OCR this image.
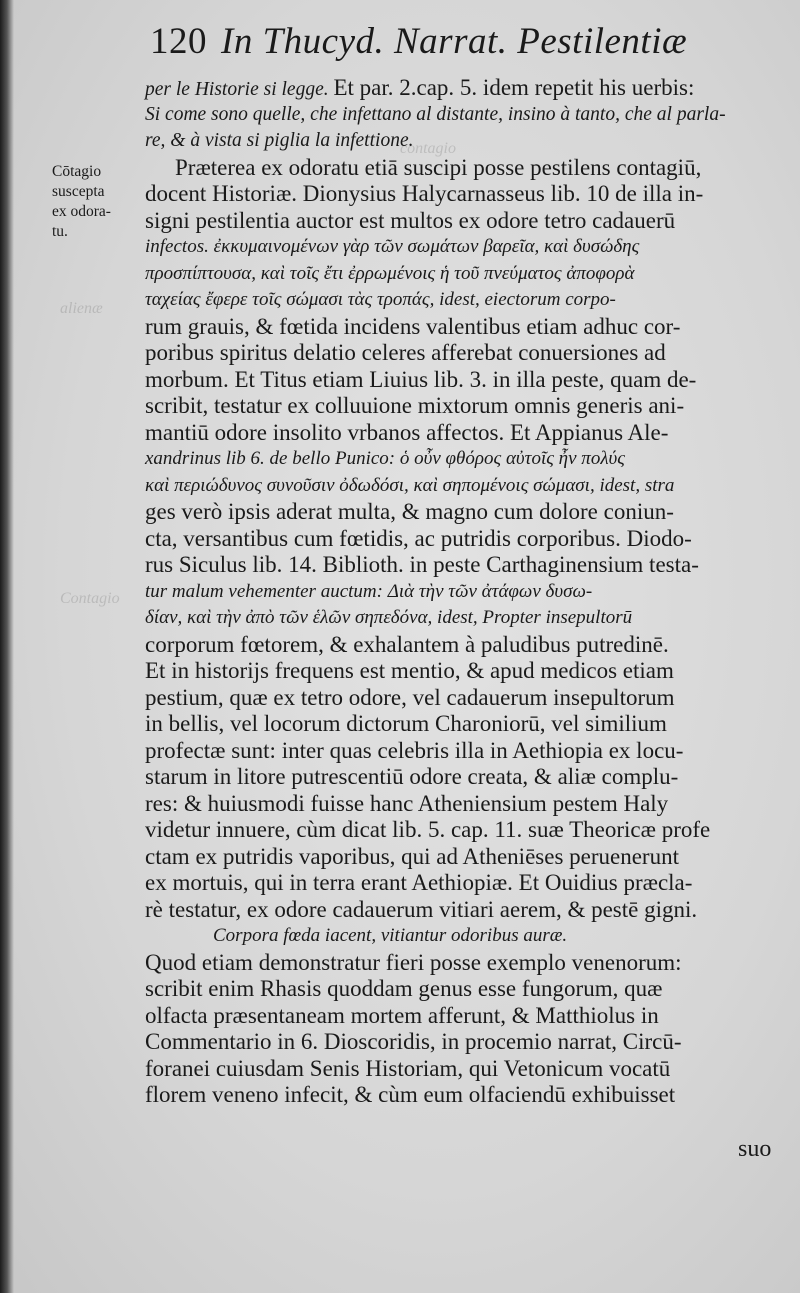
alienæ
Contagio
contagio
120 In Thucyd. Narrat. Pestilentiæ
Cōtagio
suscepta
ex odora-
tu.
per le Historie si legge. Et par. 2.cap. 5. idem repetit his uerbis:
Si come sono quelle, che infettano al distante, insino à tanto, che al parla-
re, & à vista si piglia la infettione.
Præterea ex odoratu etiā suscipi posse pestilens contagiū,
docent Historiæ. Dionysius Halycarnasseus lib. 10 de illa in-
signi pestilentia auctor est multos ex odore tetro cadauerū
infectos. ἐκκυμαινομένων γὰρ τῶν σωμάτων βαρεῖα, καὶ δυσώδης
προσπίπτουσα, καὶ τοῖς ἔτι ἐρρωμένοις ἡ τοῦ πνεύματος ἀποφορὰ
ταχείας ἔφερε τοῖς σώμασι τὰς τροπάς, idest, eiectorum corpo-
rum grauis, & fœtida incidens valentibus etiam adhuc cor-
poribus spiritus delatio celeres afferebat conuersiones ad
morbum. Et Titus etiam Liuius lib. 3. in illa peste, quam de-
scribit, testatur ex colluuione mixtorum omnis generis ani-
mantiū odore insolito vrbanos affectos. Et Appianus Ale-
xandrinus lib 6. de bello Punico: ὁ οὖν φθόρος αὐτοῖς ἦν πολύς
καὶ περιώδυνος συνοῦσιν ὀδωδόσι, καὶ σηπομένοις σώμασι, idest, stra
ges verò ipsis aderat multa, & magno cum dolore coniun-
cta, versantibus cum fœtidis, ac putridis corporibus. Diodo-
rus Siculus lib. 14. Biblioth. in peste Carthaginensium testa-
tur malum vehementer auctum: Διὰ τὴν τῶν ἀτάφων δυσω-
δίαν, καὶ τὴν ἀπὸ τῶν ἑλῶν σηπεδόνα, idest, Propter insepultorū
corporum fœtorem, & exhalantem à paludibus putredinē.
Et in historijs frequens est mentio, & apud medicos etiam
pestium, quæ ex tetro odore, vel cadauerum insepultorum
in bellis, vel locorum dictorum Charoniorū, vel similium
profectæ sunt: inter quas celebris illa in Aethiopia ex locu-
starum in litore putrescentiū odore creata, & aliæ complu-
res: & huiusmodi fuisse hanc Atheniensium pestem Haly
videtur innuere, cùm dicat lib. 5. cap. 11. suæ Theoricæ profe
ctam ex putridis vaporibus, qui ad Atheniēses peruenerunt
ex mortuis, qui in terra erant Aethiopiæ. Et Ouidius præcla-
rè testatur, ex odore cadauerum vitiari aerem, & pestē gigni.
Corpora fœda iacent, vitiantur odoribus auræ.
Quod etiam demonstratur fieri posse exemplo venenorum:
scribit enim Rhasis quoddam genus esse fungorum, quæ
olfacta præsentaneam mortem afferunt, & Matthiolus in
Commentario in 6. Dioscoridis, in procemio narrat, Circū-
foranei cuiusdam Senis Historiam, qui Vetonicum vocatū
florem veneno infecit, & cùm eum olfaciendū exhibuisset
suo
